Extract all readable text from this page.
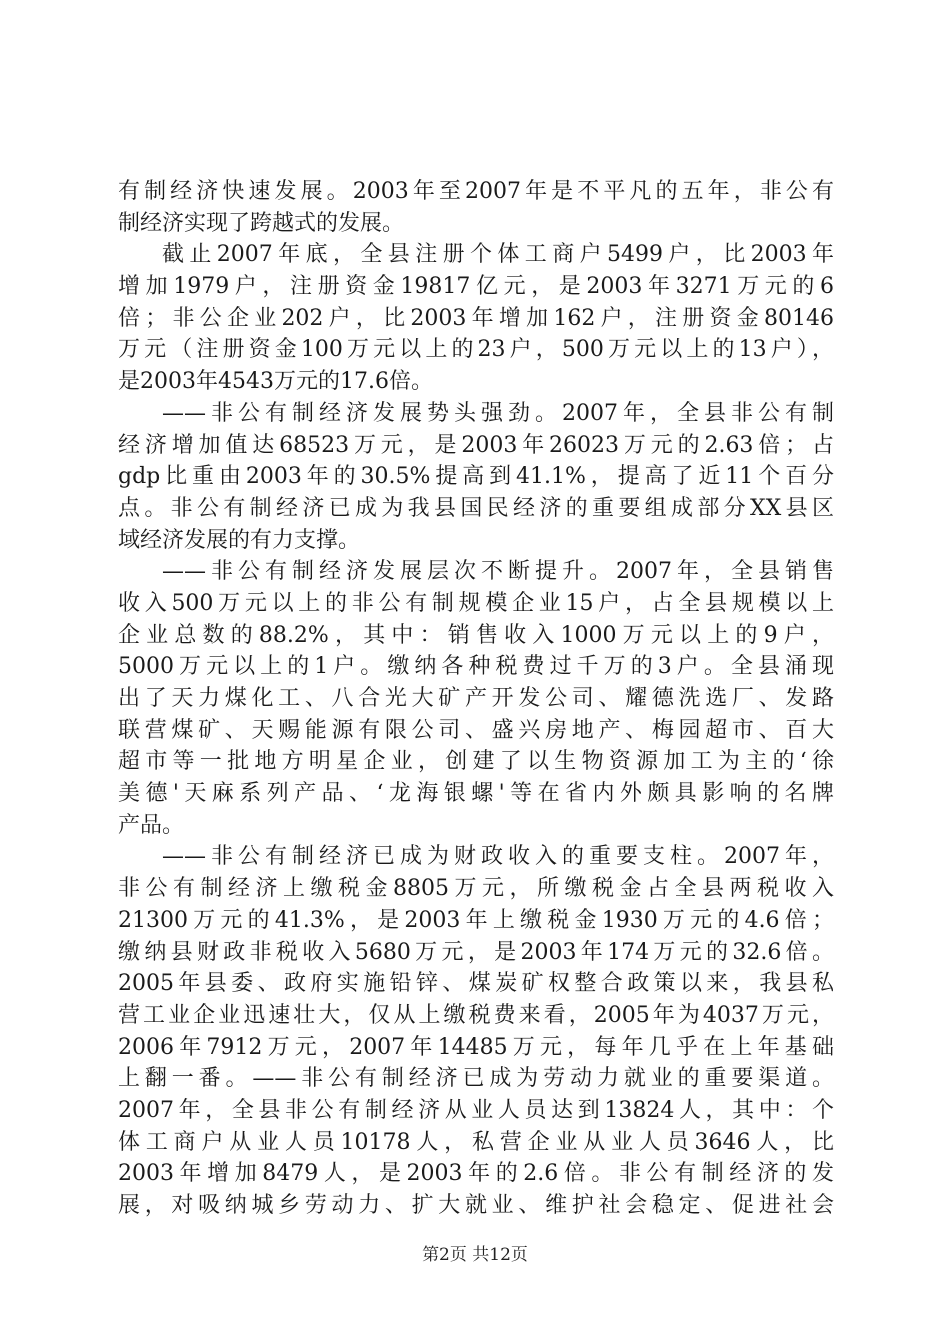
有制经济快速发展。2003年至2007年是不平凡的五年，非公有
制经济实现了跨越式的发展。
截止2007年底，全县注册个体工商户5499户，比2003年
增加1979户，注册资金19817亿元，是2003年3271万元的6
倍；非公企业202户，比2003年增加162户，注册资金80146
万元（注册资金100万元以上的23户，500万元以上的13户），
是2003年4543万元的17.6倍。
——非公有制经济发展势头强劲。2007年，全县非公有制
经济增加值达68523万元，是2003年26023万元的2.63倍；占
gdp比重由2003年的30.5%提高到41.1%，提高了近11个百分
点。非公有制经济已成为我县国民经济的重要组成部分XX县区
域经济发展的有力支撑。
——非公有制经济发展层次不断提升。2007年，全县销售
收入500万元以上的非公有制规模企业15户，占全县规模以上
企业总数的88.2%，其中：销售收入1000万元以上的9户，
5000万元以上的1户。缴纳各种税费过千万的3户。全县涌现
出了天力煤化工、八合光大矿产开发公司、耀德洗选厂、发路
联营煤矿、天赐能源有限公司、盛兴房地产、梅园超市、百大
超市等一批地方明星企业，创建了以生物资源加工为主的‘徐
美德'天麻系列产品、‘龙海银螺'等在省内外颇具影响的名牌
产品。
——非公有制经济已成为财政收入的重要支柱。2007年，
非公有制经济上缴税金8805万元，所缴税金占全县两税收入
21300万元的41.3%，是2003年上缴税金1930万元的4.6倍；
缴纳县财政非税收入5680万元，是2003年174万元的32.6倍。
2005年县委、政府实施铅锌、煤炭矿权整合政策以来，我县私
营工业企业迅速壮大，仅从上缴税费来看，2005年为4037万元，
2006年7912万元，2007年14485万元，每年几乎在上年基础
上翻一番。——非公有制经济已成为劳动力就业的重要渠道。
2007年，全县非公有制经济从业人员达到13824人，其中：个
体工商户从业人员10178人，私营企业从业人员3646人，比
2003年增加8479人，是2003年的2.6倍。非公有制经济的发
展，对吸纳城乡劳动力、扩大就业、维护社会稳定、促进社会
第2页 共12页
